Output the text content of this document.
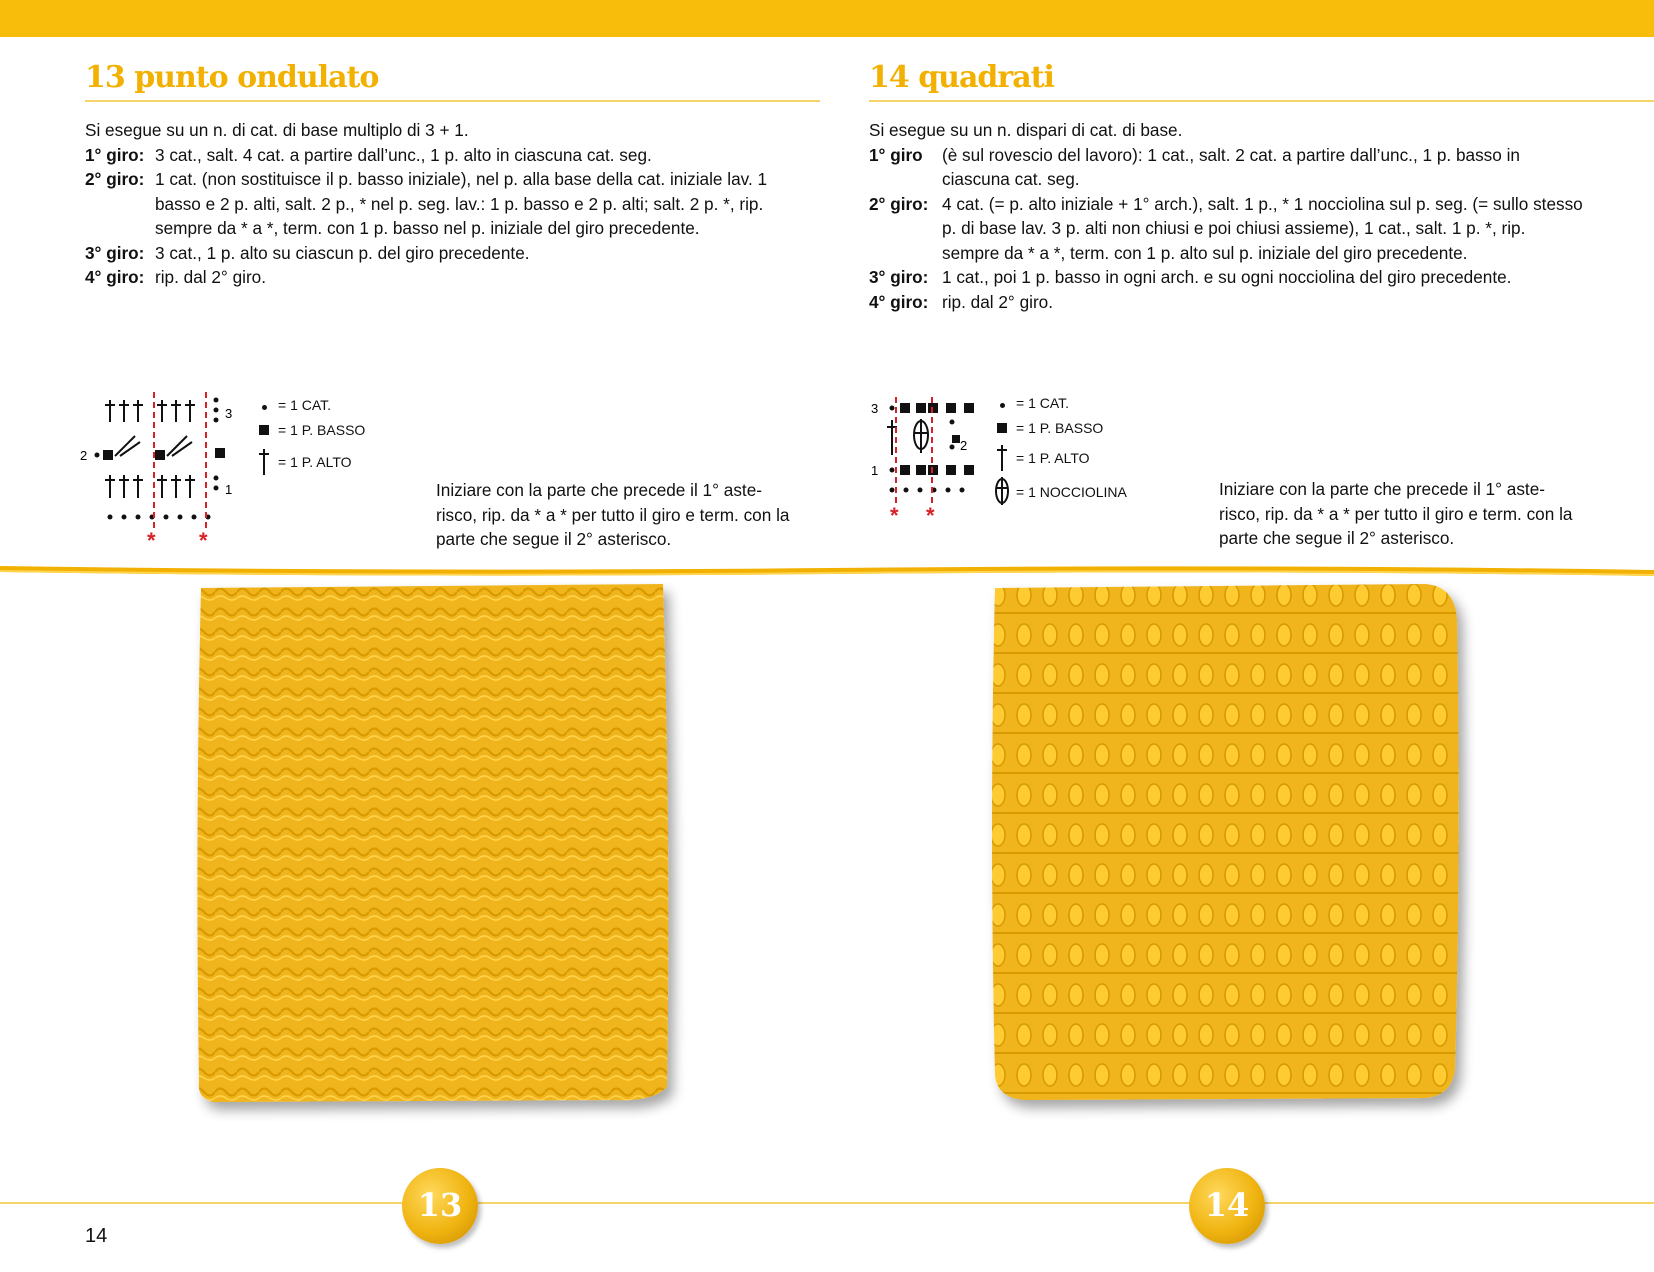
13 punto ondulato
Si esegue su un n. di cat. di base multiplo di 3 + 1.
1° giro: 3 cat., salt. 4 cat. a partire dall’unc., 1 p. alto in ciascuna cat. seg.
2° giro: 1 cat. (non sostituisce il p. basso iniziale), nel p. alla base della cat. iniziale lav. 1 basso e 2 p. alti, salt. 2 p., * nel p. seg. lav.: 1 p. basso e 2 p. alti; salt. 2 p. *, rip. sempre da * a *, term. con 1 p. basso nel p. iniziale del giro precedente.
3° giro: 3 cat., 1 p. alto su ciascun p. del giro precedente.
4° giro: rip. dal 2° giro.
3
2
1
* *
= 1 CAT.
= 1 P. BASSO
= 1 P. ALTO
Iniziare con la parte che precede il 1° aste-risco, rip. da * a * per tutto il giro e term. con la parte che segue il 2° asterisco.
14 quadrati
Si esegue su un n. dispari di cat. di base.
1° giro	(è sul rovescio del lavoro): 1 cat., salt. 2 cat. a partire dall’unc., 1 p. basso in ciascuna cat. seg.
2° giro: 4 cat. (= p. alto iniziale + 1° arch.), salt. 1 p., * 1 nocciolina sul p. seg. (= sullo stesso p. di base lav. 3 p. alti non chiusi e poi chiusi assieme), 1 cat., salt. 1 p. *, rip. sempre da * a *, term. con 1 p. alto sul p. iniziale del giro precedente.
3° giro: 1 cat., poi 1 p. basso in ogni arch. e su ogni nocciolina del giro precedente.
4° giro: rip. dal 2° giro.
3
2
1
* *
= 1 CAT.
= 1 P. BASSO
= 1 P. ALTO
= 1 NOCCIOLINA	Iniziare con la parte che precede il 1° aste-risco, rip. da * a * per tutto il giro e term. con la parte che segue il 2° asterisco.
13	14
14
